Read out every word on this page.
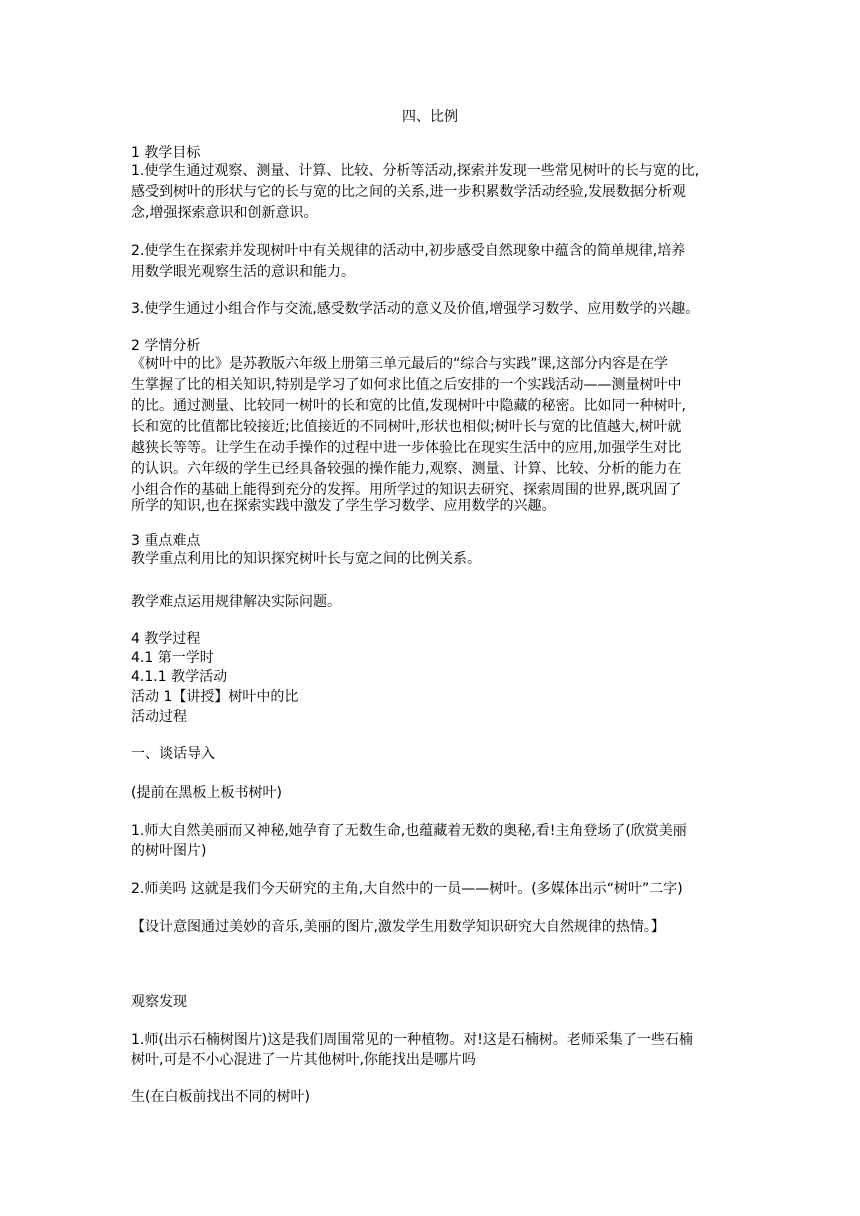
四、比例
1 教学目标
1.使学生通过观察、测量、计算、比较、分析等活动,探索并发现一些常见树叶的长与宽的比,
感受到树叶的形状与它的长与宽的比之间的关系,进一步积累数学活动经验,发展数据分析观
念,增强探索意识和创新意识。
2.使学生在探索并发现树叶中有关规律的活动中,初步感受自然现象中蕴含的简单规律,培养
用数学眼光观察生活的意识和能力。
3.使学生通过小组合作与交流,感受数学活动的意义及价值,增强学习数学、应用数学的兴趣。
2 学情分析
《树叶中的比》是苏教版六年级上册第三单元最后的“综合与实践”课,这部分内容是在学
生掌握了比的相关知识,特别是学习了如何求比值之后安排的一个实践活动——测量树叶中
的比。通过测量、比较同一树叶的长和宽的比值,发现树叶中隐藏的秘密。比如同一种树叶,
长和宽的比值都比较接近;比值接近的不同树叶,形状也相似;树叶长与宽的比值越大,树叶就
越狭长等等。让学生在动手操作的过程中进一步体验比在现实生活中的应用,加强学生对比
的认识。六年级的学生已经具备较强的操作能力,观察、测量、计算、比较、分析的能力在
小组合作的基础上能得到充分的发挥。用所学过的知识去研究、探索周围的世界,既巩固了
所学的知识,也在探索实践中激发了学生学习数学、应用数学的兴趣。
3 重点难点
教学重点利用比的知识探究树叶长与宽之间的比例关系。
教学难点运用规律解决实际问题。
4 教学过程
4.1 第一学时
4.1.1 教学活动
活动 1【讲授】树叶中的比
活动过程
一、谈话导入
(提前在黑板上板书树叶)
1.师大自然美丽而又神秘,她孕育了无数生命,也蕴藏着无数的奥秘,看!主角登场了(欣赏美丽
的树叶图片)
2.师美吗 这就是我们今天研究的主角,大自然中的一员——树叶。(多媒体出示“树叶”二字)
【设计意图通过美妙的音乐,美丽的图片,激发学生用数学知识研究大自然规律的热情。】
观察发现
1.师(出示石楠树图片)这是我们周围常见的一种植物。对!这是石楠树。老师采集了一些石楠
树叶,可是不小心混进了一片其他树叶,你能找出是哪片吗
生(在白板前找出不同的树叶)
